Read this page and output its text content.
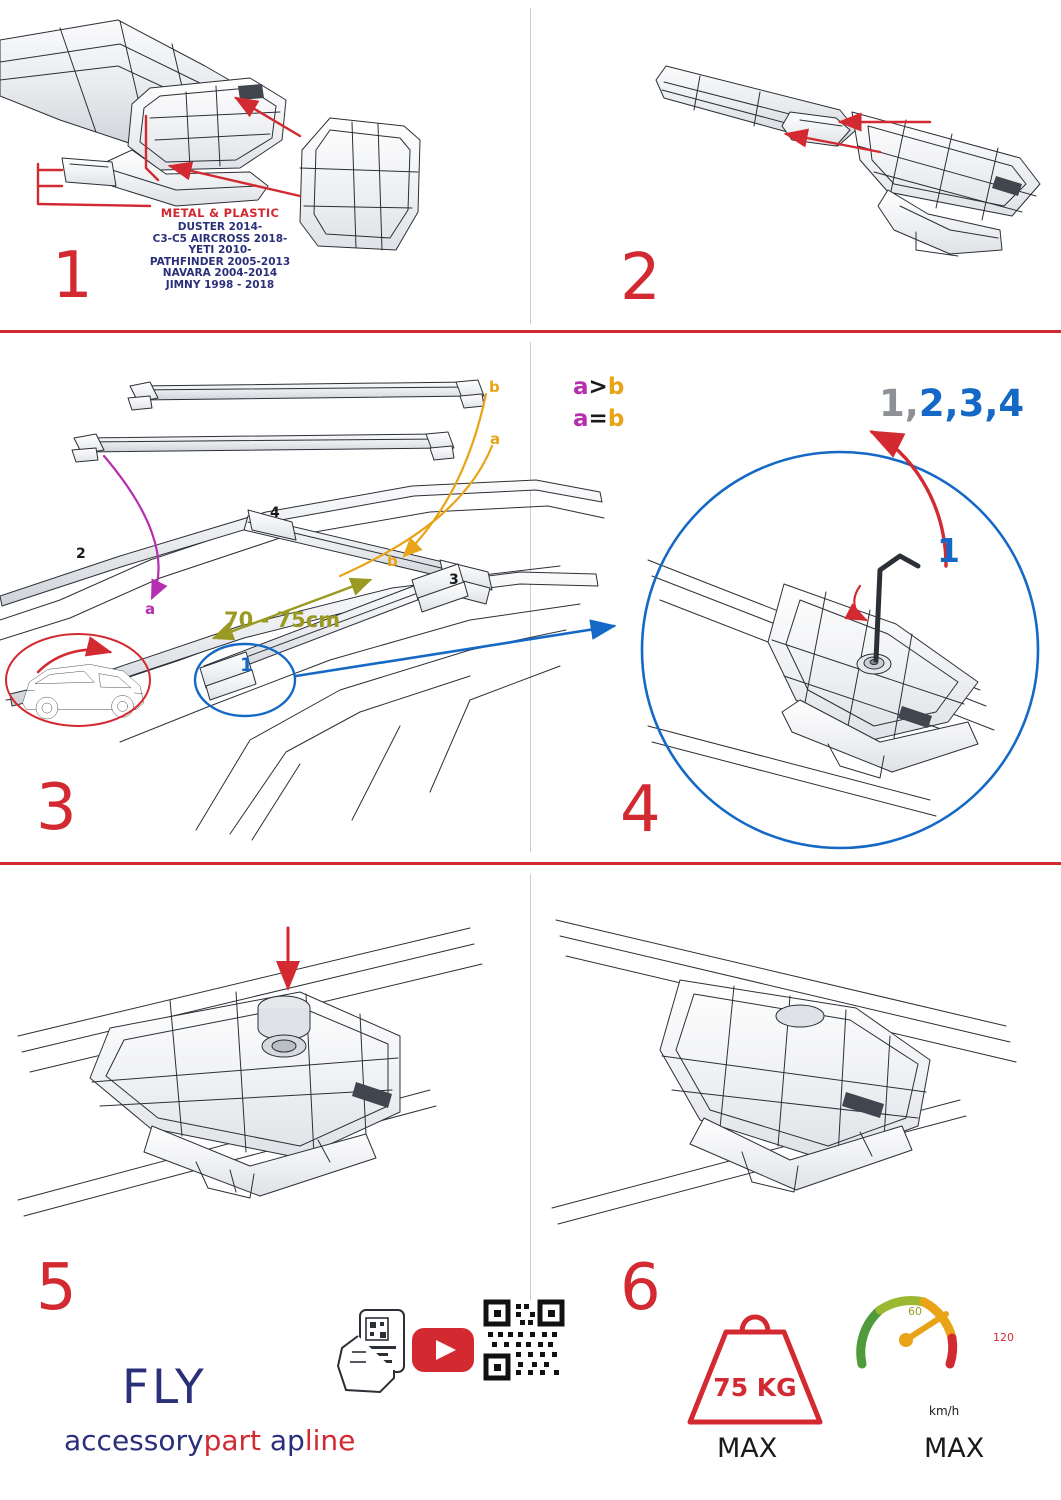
1
METAL & PLASTIC
DUSTER 2014-
C3-C5 AIRCROSS 2018-
YETI 2010-
PATHFINDER 2005-2013
NAVARA 2004-2014
JIMNY 1998 - 2018	2
3
b
a
b
a
2
3
4
1
a>b
a=b
70 - 75cm
4
1,2,3,4
1
5
FLY
accessorypart apline
6
75 KG
MAX	MAX
km/h
60
120
